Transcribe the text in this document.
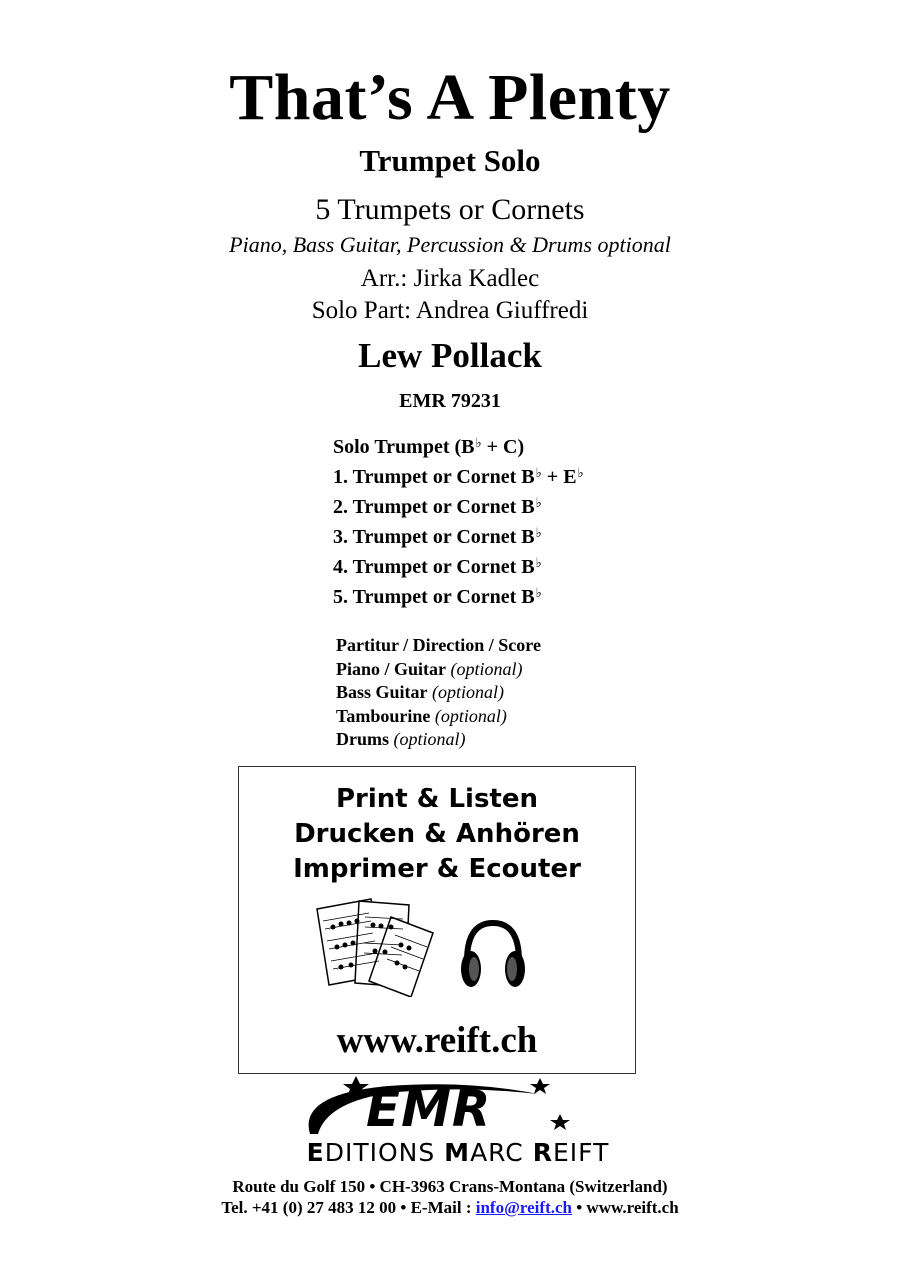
That’s A Plenty
Trumpet Solo
5 Trumpets or Cornets
Piano, Bass Guitar, Percussion & Drums optional
Arr.: Jirka Kadlec
Solo Part: Andrea Giuffredi
Lew Pollack
EMR 79231
Solo Trumpet (B♭ + C)
1. Trumpet or Cornet B♭ + E♭
2. Trumpet or Cornet B♭
3. Trumpet or Cornet B♭
4. Trumpet or Cornet B♭
5. Trumpet or Cornet B♭
Partitur / Direction / Score
Piano / Guitar (optional)
Bass Guitar (optional)
Tambourine (optional)
Drums (optional)
Print & Listen
Drucken & Anhören
Imprimer & Ecouter
www.reift.ch
EMR
EDITIONS MARC REIFT
Route du Golf 150 • CH-3963 Crans-Montana (Switzerland)
Tel. +41 (0) 27 483 12 00 • E-Mail : info@reift.ch • www.reift.ch
